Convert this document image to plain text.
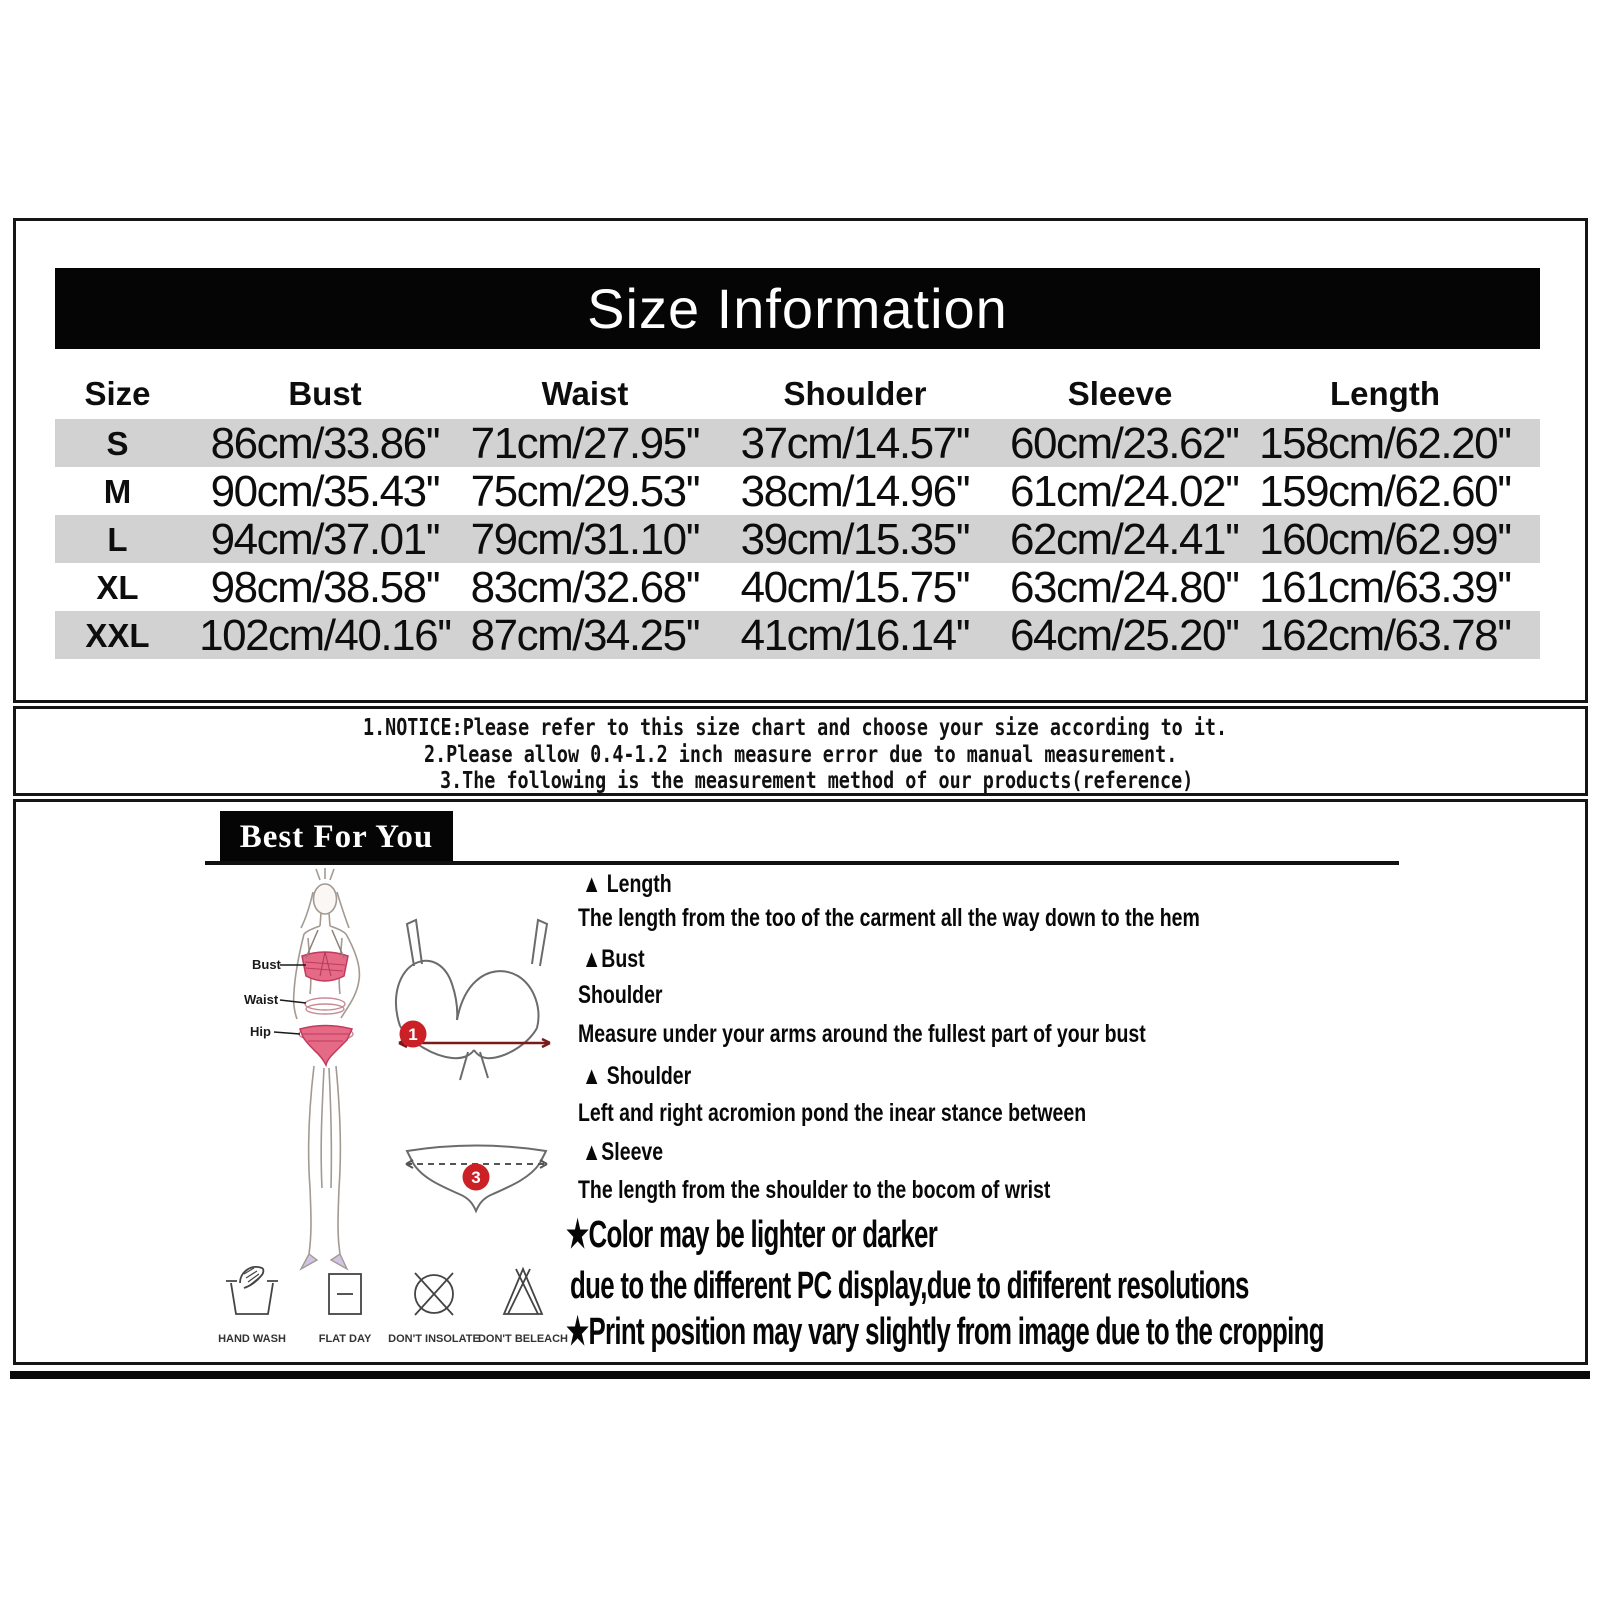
Size Information
Size	Bust	Waist	Shoulder	Sleeve	Length
S	86cm/33.86'' 71cm/27.95'' 37cm/14.57'' 60cm/23.62'' 158cm/62.20''
M	90cm/35.43'' 75cm/29.53'' 38cm/14.96'' 61cm/24.02'' 159cm/62.60''
L	94cm/37.01'' 79cm/31.10'' 39cm/15.35'' 62cm/24.41'' 160cm/62.99''
XL	98cm/38.58'' 83cm/32.68'' 40cm/15.75'' 63cm/24.80'' 161cm/63.39''
XXL	102cm/40.16'' 87cm/34.25'' 41cm/16.14'' 64cm/25.20'' 162cm/63.78''
1.NOTICE:Please refer to this size chart and choose your size according to it.
2.Please allow 0.4-1.2 inch measure error due to manual measurement.
3.The following is the measurement method of our products(reference)
Best For You
Bust
Waist
Hip	1
3
▲ Length
The length from the too of the carment all the way down to the hem
▲Bust
Shoulder
Measure under your arms around the fullest part of your bust
▲ Shoulder
Left and right acromion pond the inear stance between
▲Sleeve
The length from the shoulder to the bocom of wrist
★Color may be lighter or darker
due to the different PC display,due to dififerent resolutions
★Print position may vary slightly from image due to the cropping
HAND WASH	FLAT DAY	DON'T INSOLATE
DON'T BELEACH
